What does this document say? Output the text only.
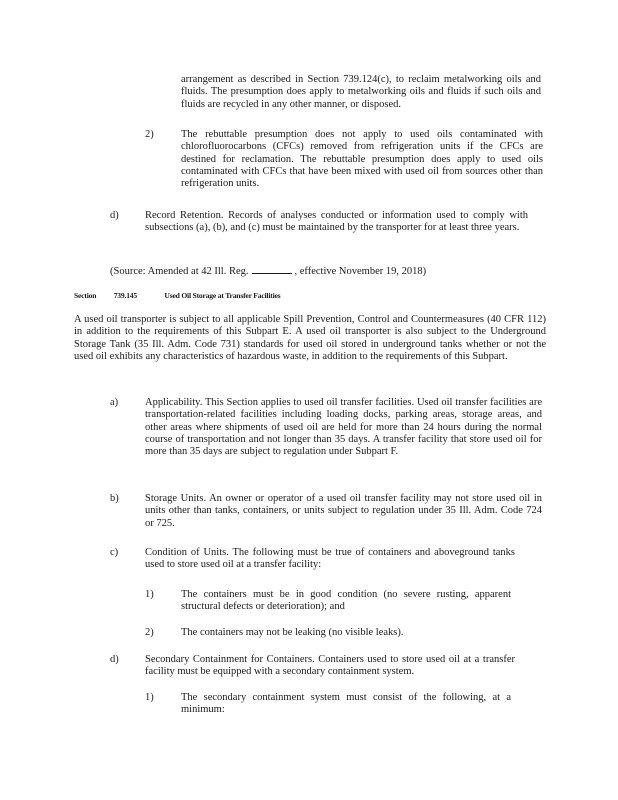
arrangement as described in Section 739.124(c), to reclaim metalworking oils and fluids. The presumption does apply to metalworking oils and fluids if such oils and fluids are recycled in any other manner, or disposed.
2)	The rebuttable presumption does not apply to used oils contaminated with chlorofluorocarbons (CFCs) removed from refrigeration units if the CFCs are destined for reclamation. The rebuttable presumption does apply to used oils contaminated with CFCs that have been mixed with used oil from sources other than refrigeration units.
d)	Record Retention. Records of analyses conducted or information used to comply with subsections (a), (b), and (c) must be maintained by the transporter for at least three years.
(Source: Amended at 42 Ill. Reg.	, effective November 19, 2018)
Section 739.145	Used Oil Storage at Transfer Facilities
A used oil transporter is subject to all applicable Spill Prevention, Control and Countermeasures (40 CFR 112) in addition to the requirements of this Subpart E. A used oil transporter is also subject to the Underground Storage Tank (35 Ill. Adm. Code 731) standards for used oil stored in underground tanks whether or not the used oil exhibits any characteristics of hazardous waste, in addition to the requirements of this Subpart.
a)	Applicability. This Section applies to used oil transfer facilities. Used oil transfer facilities are transportation-related facilities including loading docks, parking areas, storage areas, and other areas where shipments of used oil are held for more than 24 hours during the normal course of transportation and not longer than 35 days. A transfer facility that store used oil for more than 35 days are subject to regulation under Subpart F.
b)	Storage Units. An owner or operator of a used oil transfer facility may not store used oil in units other than tanks, containers, or units subject to regulation under 35 Ill. Adm. Code 724 or 725.
c)	Condition of Units. The following must be true of containers and aboveground tanks used to store used oil at a transfer facility:
1)	The containers must be in good condition (no severe rusting, apparent structural defects or deterioration); and
2)	The containers may not be leaking (no visible leaks).
d)	Secondary Containment for Containers. Containers used to store used oil at a transfer facility must be equipped with a secondary containment system.
1)	The secondary containment system must consist of the following, at a minimum:
